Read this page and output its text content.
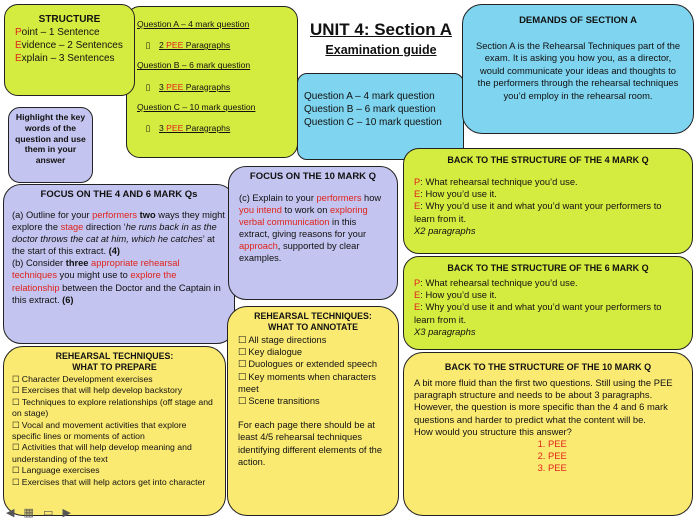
STRUCTURE

Point – 1 Sentence

Evidence – 2 Sentences

Explain – 3 Sentences

Question A – 4 mark question

▯ 2 PEE Paragraphs

Question B – 6 mark question

▯ 3 PEE Paragraphs

Question C – 10 mark question

▯ 3 PEE Paragraphs

UNIT 4: Section A

Examination guide

Highlight the key words of the question and use them in your answer

Question A – 4 mark question

Question B – 6 mark question

Question C – 10 mark question

DEMANDS OF SECTION A

Section A is the Rehearsal Techniques part of the exam. It is asking you how you, as a director, would communicate your ideas and thoughts to the performers through the rehearsal techniques you’d employ in the rehearsal room.

FOCUS ON THE 4 AND 6 MARK Qs

(a) Outline for your performers two ways they might explore the stage direction ‘he runs back in as the doctor throws the cat at him, which he catches’ at the start of this extract. (4)

(b) Consider three appropriate rehearsal techniques you might use to explore the relationship between the Doctor and the Captain in this extract. (6)

FOCUS ON THE 10 MARK Q

(c) Explain to your performers how you intend to work on exploring verbal communication in this extract, giving reasons for your approach, supported by clear examples.

BACK TO THE STRUCTURE OF THE 4 MARK Q

P: What rehearsal technique you’d use.

E: How you’d use it.

E: Why you’d use it and what you’d want your performers to learn from it.

X2 paragraphs

BACK TO THE STRUCTURE OF THE 6 MARK Q

P: What rehearsal technique you’d use.

E: How you’d use it.

E: Why you’d use it and what you’d want your performers to learn from it.

X3 paragraphs

BACK TO THE STRUCTURE OF THE 10 MARK Q

A bit more fluid than the first two questions. Still using the PEE paragraph structure and needs to be about 3 paragraphs. However, the question is more specific than the 4 and 6 mark questions and harder to predict what the content will be.

How would you structure this answer?

1. PEE
2. PEE
3. PEE

REHEARSAL TECHNIQUES:

WHAT TO ANNOTATE

☐ All stage directions
☐ Key dialogue
☐ Duologues or extended speech
☐ Key moments when characters meet
☐ Scene transitions

For each page there should be at least 4/5 rehearsal techniques identifying different elements of the action.

REHEARSAL TECHNIQUES:

WHAT TO PREPARE

☐ Character Development exercises
☐ Exercises that will help develop backstory
☐ Techniques to explore relationships (off stage and on stage)
☐ Vocal and movement activities that explore specific lines or moments of action
☐ Activities that will help develop meaning and understanding of the text
☐ Language exercises
☐ Exercises that will help actors get into character
◀ ▦ ▭ ▶
